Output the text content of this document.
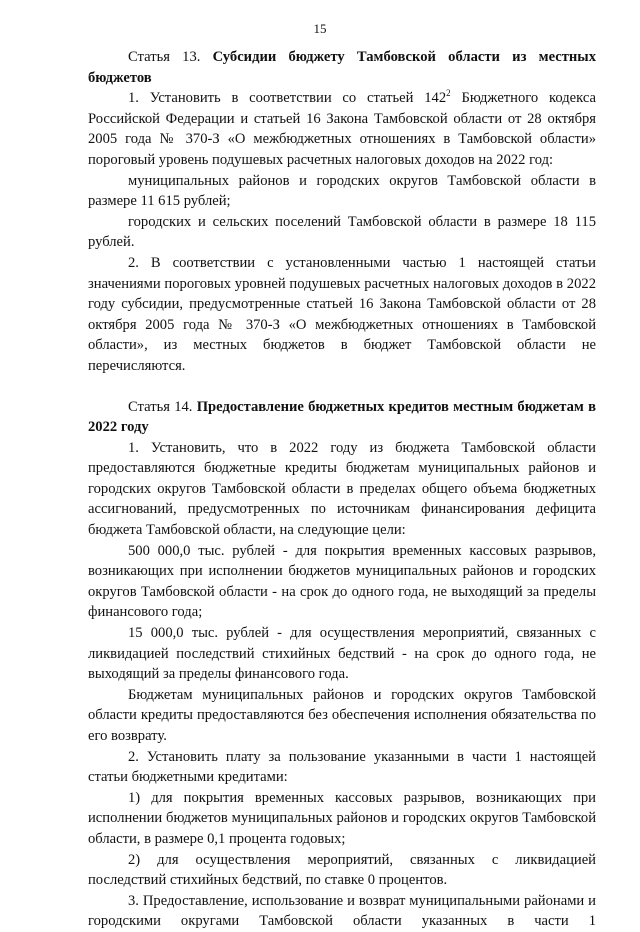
15

Статья 13. Субсидии бюджету Тамбовской области из местных бюджетов

1. Установить в соответствии со статьей $142^2$ Бюджетного кодекса Российской Федерации и статьей 16 Закона Тамбовской области от 28 октября 2005 года № 370-З «О межбюджетных отношениях в Тамбовской области» пороговый уровень подушевых расчетных налоговых доходов на 2022 год:

муниципальных районов и городских округов Тамбовской области в размере 11 615 рублей;

городских и сельских поселений Тамбовской области в размере 18 115 рублей.

2. В соответствии с установленными частью 1 настоящей статьи значениями пороговых уровней подушевых расчетных налоговых доходов в 2022 году субсидии, предусмотренные статьей 16 Закона Тамбовской области от 28 октября 2005 года № 370-З «О межбюджетных отношениях в Тамбовской области», из местных бюджетов в бюджет Тамбовской области не перечисляются.

Статья 14. Предоставление бюджетных кредитов местным бюджетам в 2022 году

1. Установить, что в 2022 году из бюджета Тамбовской области предоставляются бюджетные кредиты бюджетам муниципальных районов и городских округов Тамбовской области в пределах общего объема бюджетных ассигнований, предусмотренных по источникам финансирования дефицита бюджета Тамбовской области, на следующие цели:

500 000,0 тыс. рублей - для покрытия временных кассовых разрывов, возникающих при исполнении бюджетов муниципальных районов и городских округов Тамбовской области - на срок до одного года, не выходящий за пределы финансового года;

15 000,0 тыс. рублей - для осуществления мероприятий, связанных с ликвидацией последствий стихийных бедствий - на срок до одного года, не выходящий за пределы финансового года.

Бюджетам муниципальных районов и городских округов Тамбовской области кредиты предоставляются без обеспечения исполнения обязательства по его возврату.

2. Установить плату за пользование указанными в части 1 настоящей статьи бюджетными кредитами:

1) для покрытия временных кассовых разрывов, возникающих при исполнении бюджетов муниципальных районов и городских округов Тамбовской области, в размере 0,1 процента годовых;

2) для осуществления мероприятий, связанных с ликвидацией последствий стихийных бедствий, по ставке 0 процентов.

3. Предоставление, использование и возврат муниципальными районами и городскими округами Тамбовской области указанных в части 1
